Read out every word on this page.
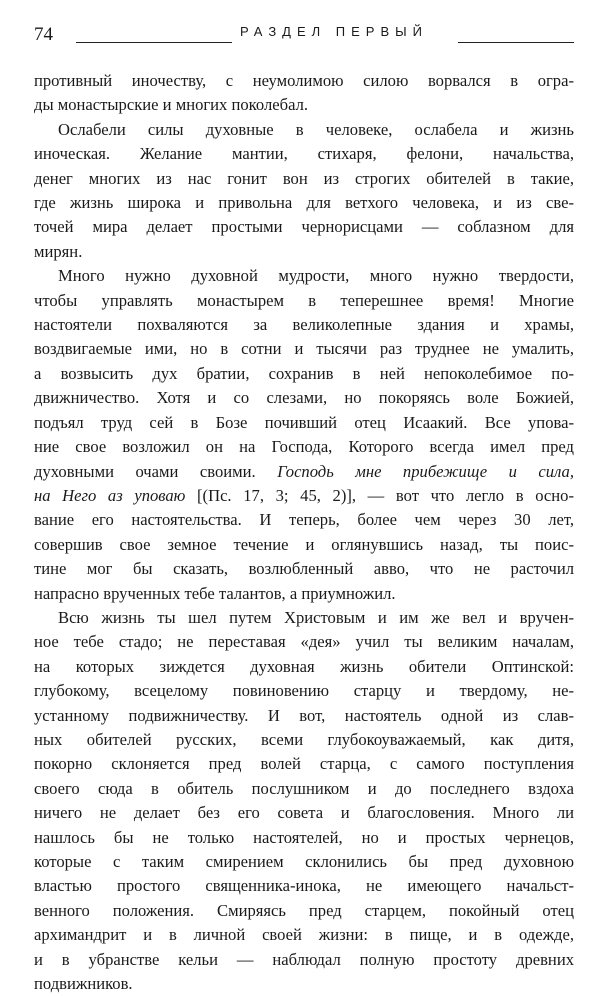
74	РАЗДЕЛ ПЕРВЫЙ

противный иночеству, с неумолимою силою ворвался в огра-
ды монастырские и многих поколебал.

Ослабели силы духовные в человеке, ослабела и жизнь
иноческая. Желание мантии, стихаря, фелони, начальства,
денег многих из нас гонит вон из строгих обителей в такие,
где жизнь широка и привольна для ветхого человека, и из све-
точей мира делает простыми чернорисцами — соблазном для
мирян.

Много нужно духовной мудрости, много нужно твердости,
чтобы управлять монастырем в теперешнее время! Многие
настоятели похваляются за великолепные здания и храмы,
воздвигаемые ими, но в сотни и тысячи раз труднее не умалить,
а возвысить дух братии, сохранив в ней непоколебимое по-
движничество. Хотя и со слезами, но покоряясь воле Божией,
подъял труд сей в Бозе почивший отец Исаакий. Все упова-
ние свое возложил он на Господа, Которого всегда имел пред
духовными очами своими. Господь мне прибежище и сила,
на Него аз уповаю [(Пс. 17, 3; 45, 2)], — вот что легло в осно-
вание его настоятельства. И теперь, более чем через 30 лет,
совершив свое земное течение и оглянувшись назад, ты поис-
тине мог бы сказать, возлюбленный авво, что не расточил
напрасно врученных тебе талантов, а приумножил.

Всю жизнь ты шел путем Христовым и им же вел и вручен-
ное тебе стадо; не переставая «дея» учил ты великим началам,
на которых зиждется духовная жизнь обители Оптинской:
глубокому, всецелому повиновению старцу и твердому, не-
устанному подвижничеству. И вот, настоятель одной из слав-
ных обителей русских, всеми глубокоуважаемый, как дитя,
покорно склоняется пред волей старца, с самого поступления
своего сюда в обитель послушником и до последнего вздоха
ничего не делает без его совета и благословения. Много ли
нашлось бы не только настоятелей, но и простых чернецов,
которые с таким смирением склонились бы пред духовною
властью простого священника-инока, не имеющего начальст-
венного положения. Смиряясь пред старцем, покойный отец
архимандрит и в личной своей жизни: в пище, и в одежде,
и в убранстве кельи — наблюдал полную простоту древних
подвижников.
